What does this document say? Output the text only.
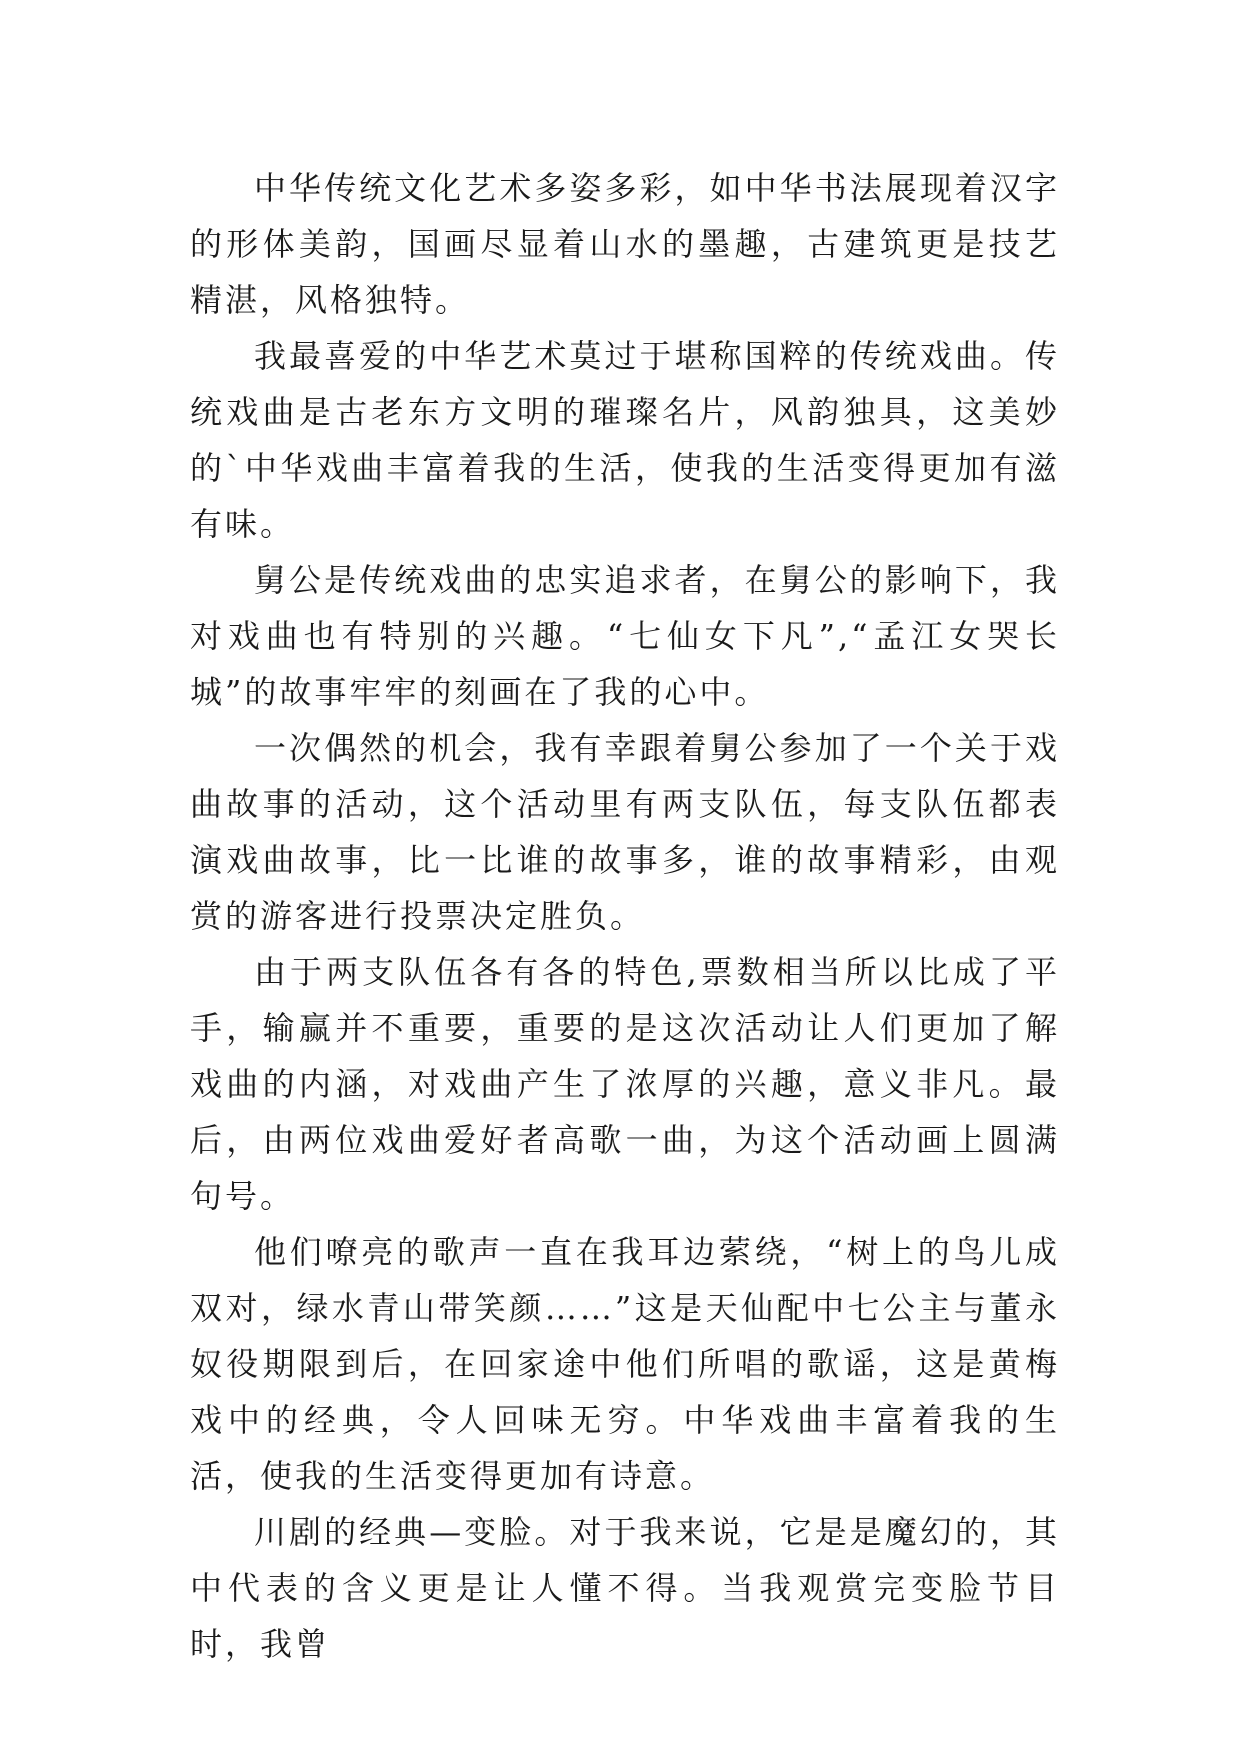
中华传统文化艺术多姿多彩，如中华书法展现着汉字的形体美韵，国画尽显着山水的墨趣，古建筑更是技艺精湛，风格独特。

我最喜爱的中华艺术莫过于堪称国粹的传统戏曲。传统戏曲是古老东方文明的璀璨名片，风韵独具，这美妙的`中华戏曲丰富着我的生活，使我的生活变得更加有滋有味。

舅公是传统戏曲的忠实追求者，在舅公的影响下，我对戏曲也有特别的兴趣。“七仙女下凡”,“孟江女哭长城”的故事牢牢的刻画在了我的心中。

一次偶然的机会，我有幸跟着舅公参加了一个关于戏曲故事的活动，这个活动里有两支队伍，每支队伍都表演戏曲故事，比一比谁的故事多，谁的故事精彩，由观赏的游客进行投票决定胜负。

由于两支队伍各有各的特色,票数相当所以比成了平手，输赢并不重要，重要的是这次活动让人们更加了解戏曲的内涵，对戏曲产生了浓厚的兴趣，意义非凡。最后，由两位戏曲爱好者高歌一曲，为这个活动画上圆满句号。

他们嘹亮的歌声一直在我耳边萦绕，“树上的鸟儿成双对，绿水青山带笑颜……”这是天仙配中七公主与董永奴役期限到后，在回家途中他们所唱的歌谣，这是黄梅戏中的经典，令人回味无穷。中华戏曲丰富着我的生活，使我的生活变得更加有诗意。

川剧的经典—变脸。对于我来说，它是是魔幻的，其中代表的含义更是让人懂不得。当我观赏完变脸节目时，我曾
